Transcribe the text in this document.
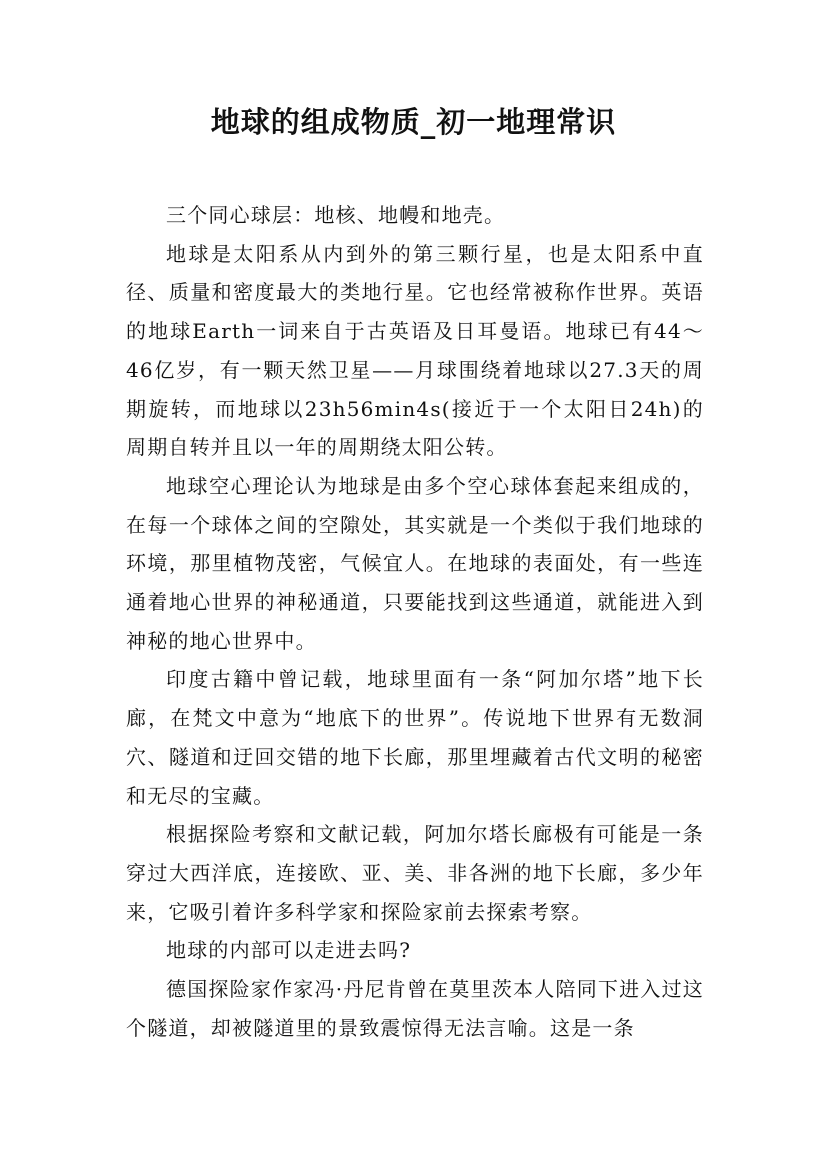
地球的组成物质_初一地理常识

三个同心球层：地核、地幔和地壳。

地球是太阳系从内到外的第三颗行星，也是太阳系中直径、质量和密度最大的类地行星。它也经常被称作世界。英语的地球Earth一词来自于古英语及日耳曼语。地球已有44～46亿岁，有一颗天然卫星——月球围绕着地球以27.3天的周期旋转，而地球以23h56min4s(接近于一个太阳日24h)的周期自转并且以一年的周期绕太阳公转。

地球空心理论认为地球是由多个空心球体套起来组成的，在每一个球体之间的空隙处，其实就是一个类似于我们地球的环境，那里植物茂密，气候宜人。在地球的表面处，有一些连通着地心世界的神秘通道，只要能找到这些通道，就能进入到神秘的地心世界中。

印度古籍中曾记载，地球里面有一条“阿加尔塔”地下长廊，在梵文中意为“地底下的世界”。传说地下世界有无数洞穴、隧道和迂回交错的地下长廊，那里埋藏着古代文明的秘密和无尽的宝藏。

根据探险考察和文献记载，阿加尔塔长廊极有可能是一条穿过大西洋底，连接欧、亚、美、非各洲的地下长廊，多少年来，它吸引着许多科学家和探险家前去探索考察。

地球的内部可以走进去吗?

德国探险家作家冯·丹尼肯曾在莫里茨本人陪同下进入过这个隧道，却被隧道里的景致震惊得无法言喻。这是一条
